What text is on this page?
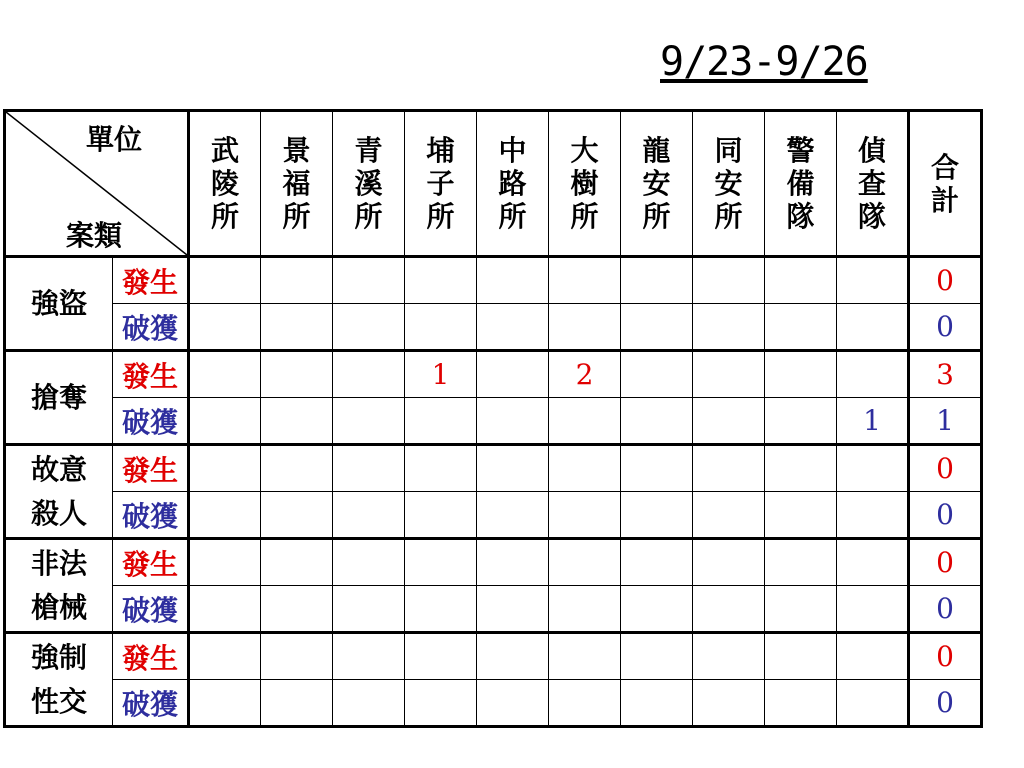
9/23-9/26
單位
案類		武陵所	景福所	青溪所	埔子所	中路所	大樹所	龍安所	同安所	警備隊	偵查隊	合計

強盜	發生											0
	破獲											0

搶奪	發生				1		2					3
	破獲										1	1

故意
殺人	發生											0
	破獲											0

非法
槍械	發生											0
	破獲											0

強制
性交	發生											0
	破獲											0
